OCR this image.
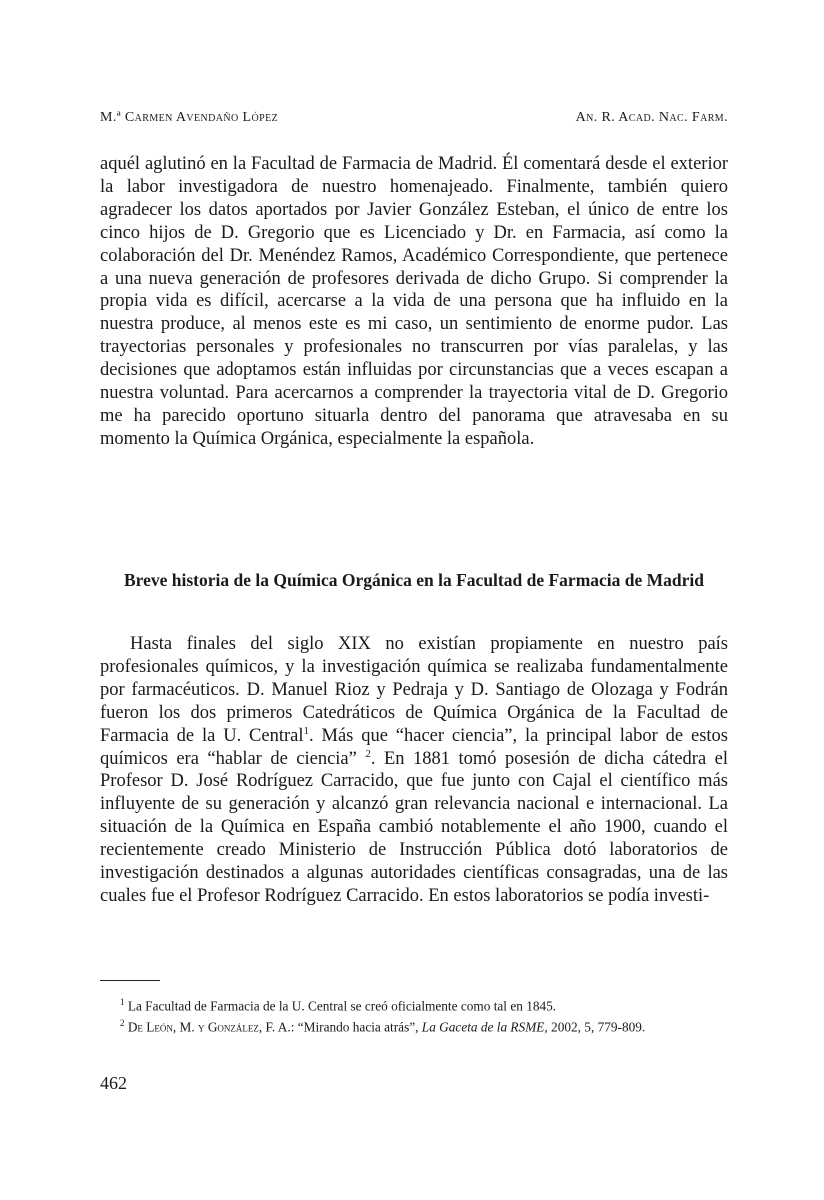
M.ª Carmen Avendaño López	An. R. Acad. Nac. Farm.

aquél aglutinó en la Facultad de Farmacia de Madrid. Él comentará desde el exterior la labor investigadora de nuestro homenajeado. Finalmente, también quiero agradecer los datos aportados por Javier González Esteban, el único de entre los cinco hijos de D. Gregorio que es Licenciado y Dr. en Farmacia, así como la colaboración del Dr. Menéndez Ramos, Académico Correspondiente, que pertenece a una nueva generación de profesores derivada de dicho Grupo. Si comprender la propia vida es difícil, acercarse a la vida de una persona que ha influido en la nuestra produce, al menos este es mi caso, un sentimiento de enorme pudor. Las trayectorias personales y profesionales no transcurren por vías paralelas, y las decisiones que adoptamos están influidas por circunstancias que a veces escapan a nuestra voluntad. Para acercarnos a comprender la trayectoria vital de D. Gregorio me ha parecido oportuno situarla dentro del panorama que atravesaba en su momento la Química Orgánica, especialmente la española.

Breve historia de la Química Orgánica en la Facultad de Farmacia de Madrid

Hasta finales del siglo XIX no existían propiamente en nuestro país profesionales químicos, y la investigación química se realizaba fundamentalmente por farmacéuticos. D. Manuel Rioz y Pedraja y D. Santiago de Olozaga y Fodrán fueron los dos primeros Catedráticos de Química Orgánica de la Facultad de Farmacia de la U. Central$^1$. Más que “hacer ciencia”, la principal labor de estos químicos era “hablar de ciencia” $^2$. En 1881 tomó posesión de dicha cátedra el Profesor D. José Rodríguez Carracido, que fue junto con Cajal el científico más influyente de su generación y alcanzó gran relevancia nacional e internacional. La situación de la Química en España cambió notablemente el año 1900, cuando el recientemente creado Ministerio de Instrucción Pública dotó laboratorios de investigación destinados a algunas autoridades científicas consagradas, una de las cuales fue el Profesor Rodríguez Carracido. En estos laboratorios se podía investi-

$^1$ La Facultad de Farmacia de la U. Central se creó oficialmente como tal en 1845.

$^2$ De León, M. y González, F. A.: “Mirando hacia atrás”, La Gaceta de la RSME, 2002, 5, 779-809.

462
